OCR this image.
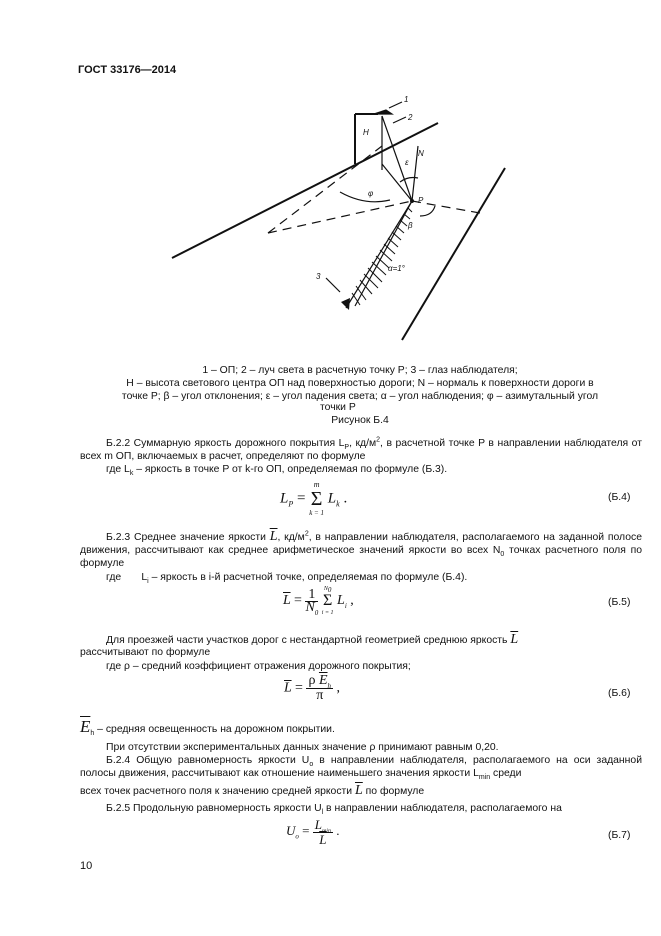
ГОСТ 33176—2014
1
2
H
N
ε
φ
P
β
α=1°
3
1 – ОП; 2 – луч света в расчетную точку P; 3 – глаз наблюдателя;
H – высота светового центра ОП над поверхностью дороги; N – нормаль к поверхности дороги в
точке P; β – угол отклонения; ε – угол падения света; α – угол наблюдения; φ – азимутальный угол
точки P
Рисунок Б.4
Б.2.2 Суммарную яркость дорожного покрытия $L_P$, $кд/м^2$, в расчетной точке P в направлении наблюдателя от всех m ОП, включаемых в расчет, определяют по формуле
где $L_k$ – яркость в точке P от k-го ОП, определяемая по формуле (Б.3).
$L_P$ =
m
Σ
k = 1
$L_k$ .	(Б.4)
Б.2.3 Среднее значение яркости $\overline{L}$, $кд/м^2$, в направлении наблюдателя, располагаемого на заданной полосе движения, рассчитывают как среднее арифметическое значений яркости во всех $N_0$ точках расчетного поля по формуле
где $L_i$ – яркость в i-й расчетной точке, определяемая по формуле (Б.4).
$\overline{L} = \frac{1}{N_0}$
$N_0$
Σ
i = 1
$L_i$ ,	(Б.5)
Для проезжей части участков дорог с нестандартной геометрией среднюю яркость $\overline{L}$
рассчитывают по формуле
где ρ – средний коэффициент отражения дорожного покрытия;
$\overline{L} = \frac{\rho \overline{E}_h}{\pi}$ ,	(Б.6)
$\overline{E}_h$ – средняя освещенность на дорожном покрытии.
При отсутствии экспериментальных данных значение ρ принимают равным 0,20.
Б.2.4 Общую равномерность яркости $U_o$ в направлении наблюдателя, располагаемого на оси заданной полосы движения, рассчитывают как отношение наименьшего значения яркости $L_{min}$ среди
всех точек расчетного поля к значению средней яркости $\overline{L}$ по формуле
Б.2.5 Продольную равномерность яркости $U_l$ в направлении наблюдателя, располагаемого на
$U_o = L_{min}$
$\overline{L}$
.	(Б.7)
10
